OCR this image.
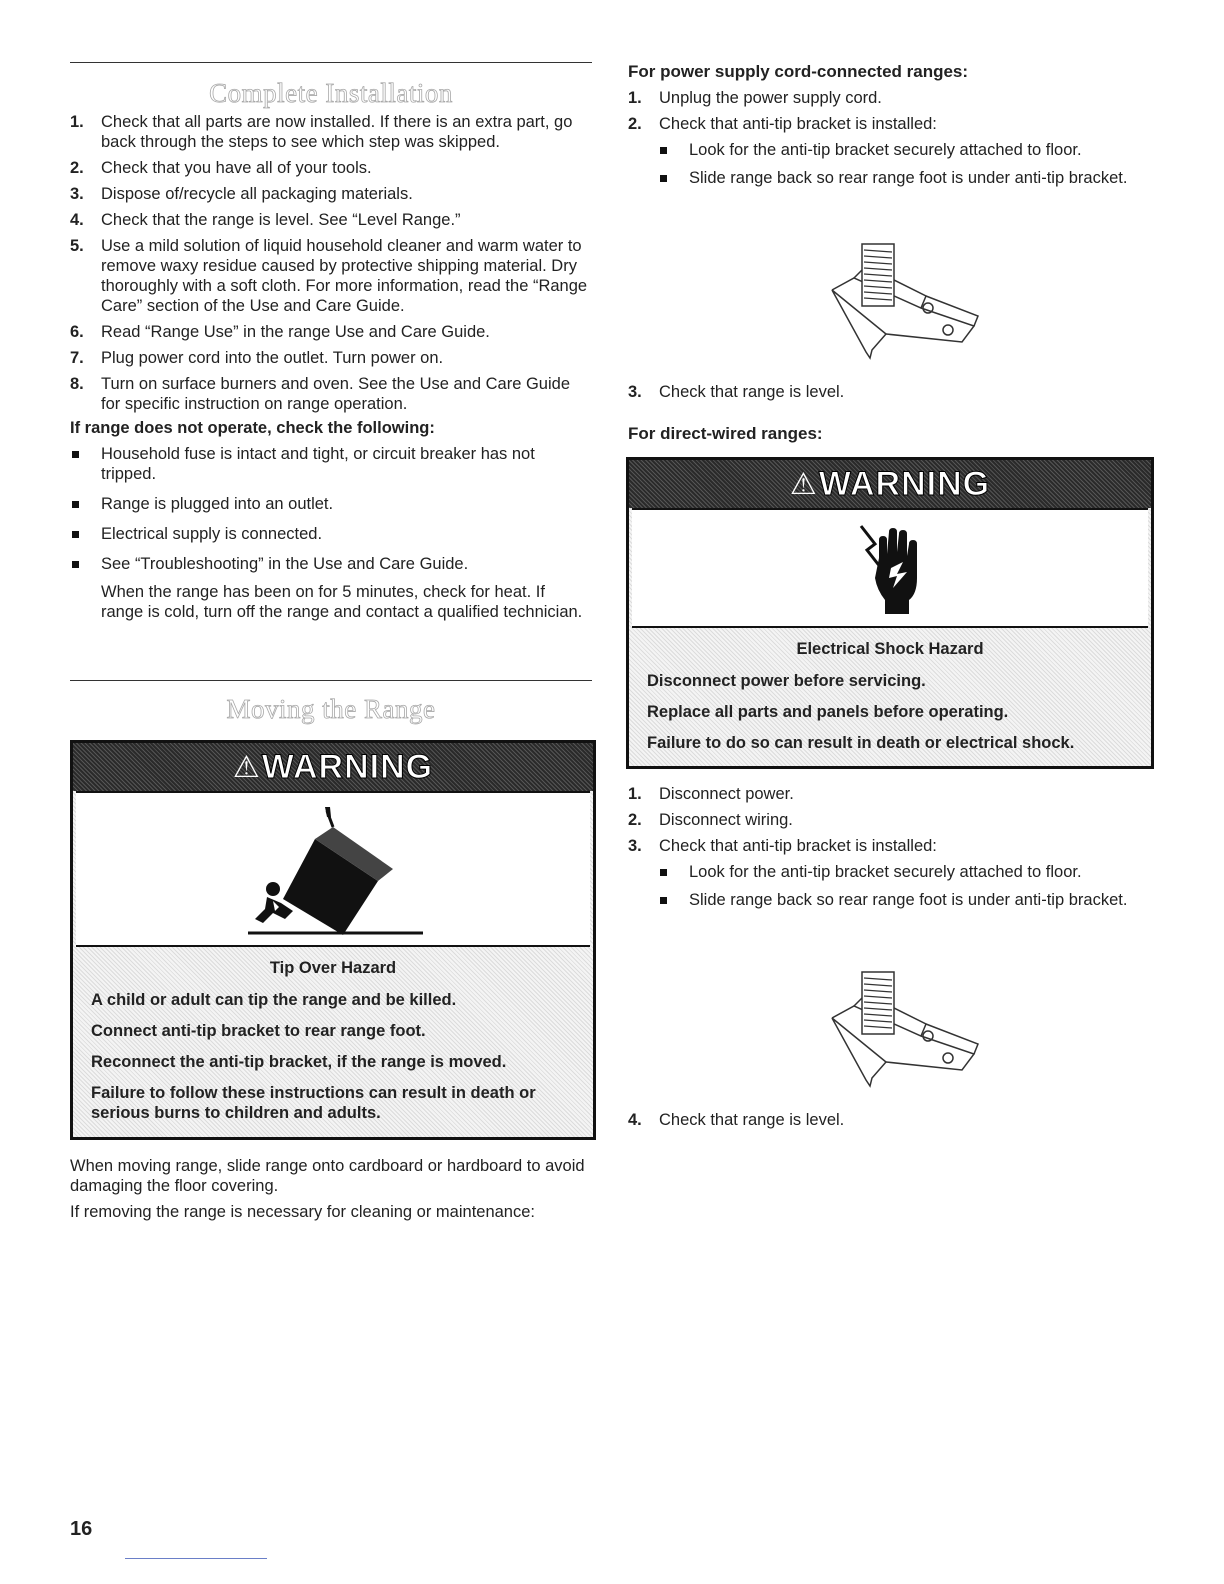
Complete Installation
1. Check that all parts are now installed. If there is an extra part, go back through the steps to see which step was skipped.
2. Check that you have all of your tools.
3. Dispose of/recycle all packaging materials.
4. Check that the range is level. See “Level Range.”
5. Use a mild solution of liquid household cleaner and warm water to remove waxy residue caused by protective shipping material. Dry thoroughly with a soft cloth. For more information, read the “Range Care” section of the Use and Care Guide.
6. Read “Range Use” in the range Use and Care Guide.
7. Plug power cord into the outlet. Turn power on.
8. Turn on surface burners and oven. See the Use and Care Guide for specific instruction on range operation.

If range does not operate, check the following:

Household fuse is intact and tight, or circuit breaker has not tripped.
Range is plugged into an outlet.
Electrical supply is connected.
See “Troubleshooting” in the Use and Care Guide.

When the range has been on for 5 minutes, check for heat. If range is cold, turn off the range and contact a qualified technician.

Moving the Range
⚠ WARNING

Tip Over Hazard

A child or adult can tip the range and be killed.

Connect anti-tip bracket to rear range foot.

Reconnect the anti-tip bracket, if the range is moved.

Failure to follow these instructions can result in death or serious burns to children and adults.

When moving range, slide range onto cardboard or hardboard to avoid damaging the floor covering.

If removing the range is necessary for cleaning or maintenance:

For power supply cord-connected ranges:

1. Unplug the power supply cord.
2. Check that anti-tip bracket is installed:
Look for the anti-tip bracket securely attached to floor.
Slide range back so rear range foot is under anti-tip bracket.
3. Check that range is level.

For direct-wired ranges:

⚠ WARNING

Electrical Shock Hazard

Disconnect power before servicing.

Replace all parts and panels before operating.

Failure to do so can result in death or electrical shock.

1. Disconnect power.
2. Disconnect wiring.
3. Check that anti-tip bracket is installed:
Look for the anti-tip bracket securely attached to floor.
Slide range back so rear range foot is under anti-tip bracket.
4. Check that range is level.
16
